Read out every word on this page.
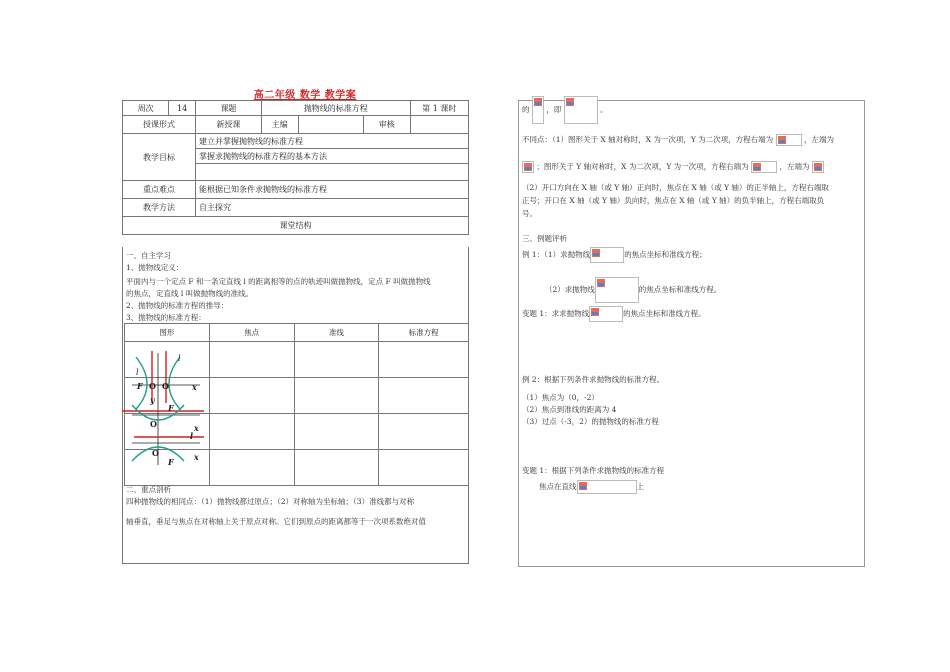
高二年级 数学 教学案
周次	14	课题	抛物线的标准方程			第 1 课时
授课形式		新授课	主编		审核	
教学目标		建立并掌握抛物线的标准方程				
		掌握求抛物线的标准方程的基本方法				

重点难点		能根据已知条件求抛物线的标准方程				
教学方法		自主探究				
课堂结构						
一、自主学习
1、抛物线定义：
平面内与一个定点 F 和一条定直线 l 的距离相等的点的轨迹叫做抛物线，定点 F 叫做抛物线
的焦点，定直线 l 叫做抛物线的准线。
2、抛物线的标准方程的推导：
3、抛物线的标准方程：
图形	焦点	准线	标准方程

l
l
F O O	x
y
F
O	x
l
O
F	x
二、重点剖析
四种抛物线的相同点：（1）抛物线都过原点；（2）对称轴为坐标轴；（3）准线都与对称
轴垂直，垂足与焦点在对称轴上关于原点对称。它们到原点的距离都等于一次项系数绝对值
的 ，即	。
不同点：（1）图形关于 X 轴对称时，X 为一次项，Y 为二次项，方程右端为	，左端为
；图形关于 Y 轴对称时，X 为二次项，Y 为一次项，方程右端为	，左端为
（2）开口方向在 X 轴（或 Y 轴）正向时，焦点在 X 轴（或 Y 轴）的正半轴上，方程右端取
正号；开口在 X 轴（或 Y 轴）负向时，焦点在 X 轴（或 Y 轴）的负半轴上，方程右端取负
号。
三、例题评析
例 1：（1）求抛物线	的焦点坐标和准线方程；
（2）求抛物线	的焦点坐标和准线方程。
变题 1：求求抛物线	的焦点坐标和准线方程。
例 2：根据下列条件求抛物线的标准方程。
（1）焦点为（0，-2）
（2）焦点到准线的距离为 4
（3）过点（-3，2）的抛物线的标准方程
变题 1：根据下列条件求抛物线的标准方程
焦点在直线	上
